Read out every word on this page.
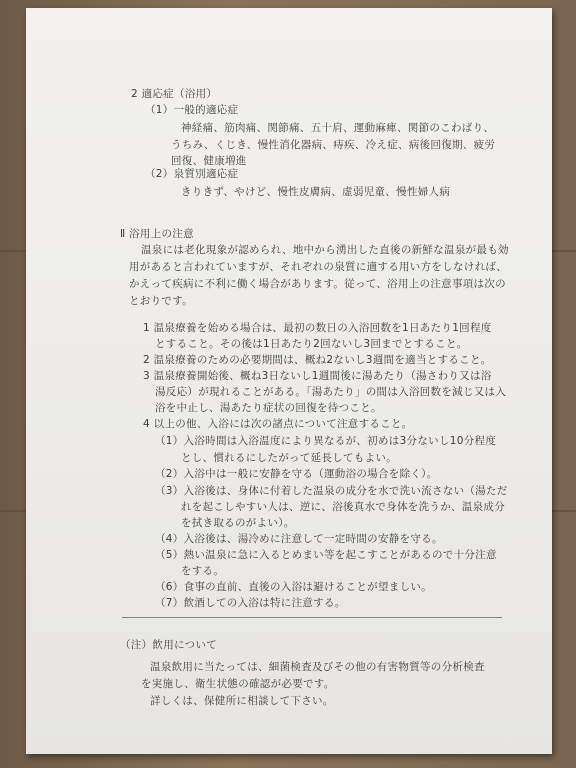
2 適応症（浴用）
（1）一般的適応症
神経痛、筋肉痛、関節痛、五十肩、運動麻痺、関節のこわばり、
うちみ、くじき、慢性消化器病、痔疾、冷え症、病後回復期、疲労
回復、健康増進
（2）泉質別適応症
きりきず、やけど、慢性皮膚病、虚弱児童、慢性婦人病
Ⅱ 浴用上の注意
温泉には老化現象が認められ、地中から湧出した直後の新鮮な温泉が最も効
用があると言われていますが、それぞれの泉質に適する用い方をしなければ、
かえって疾病に不利に働く場合があります。従って、浴用上の注意事項は次の
とおりです。
1 温泉療養を始める場合は、最初の数日の入浴回数を1日あたり1回程度
とすること。その後は1日あたり2回ないし3回までとすること。
2 温泉療養のための必要期間は、概ね2ないし3週間を適当とすること。
3 温泉療養開始後、概ね3日ないし1週間後に湯あたり（湯さわり又は浴
湯反応）が現れることがある。「湯あたり」の間は入浴回数を減じ又は入
浴を中止し、湯あたり症状の回復を待つこと。
4 以上の他、入浴には次の諸点について注意すること。
（1）入浴時間は入浴温度により異なるが、初めは3分ないし10分程度
とし、慣れるにしたがって延長してもよい。
（2）入浴中は一般に安静を守る（運動浴の場合を除く）。
（3）入浴後は、身体に付着した温泉の成分を水で洗い流さない（湯ただ
れを起こしやすい人は、逆に、浴後真水で身体を洗うか、温泉成分
を拭き取るのがよい）。
（4）入浴後は、湯冷めに注意して一定時間の安静を守る。
（5）熱い温泉に急に入るとめまい等を起こすことがあるので十分注意
をする。
（6）食事の直前、直後の入浴は避けることが望ましい。
（7）飲酒しての入浴は特に注意する。
（注）飲用について
温泉飲用に当たっては、細菌検査及びその他の有害物質等の分析検査
を実施し、衛生状態の確認が必要です。
詳しくは、保健所に相談して下さい。
